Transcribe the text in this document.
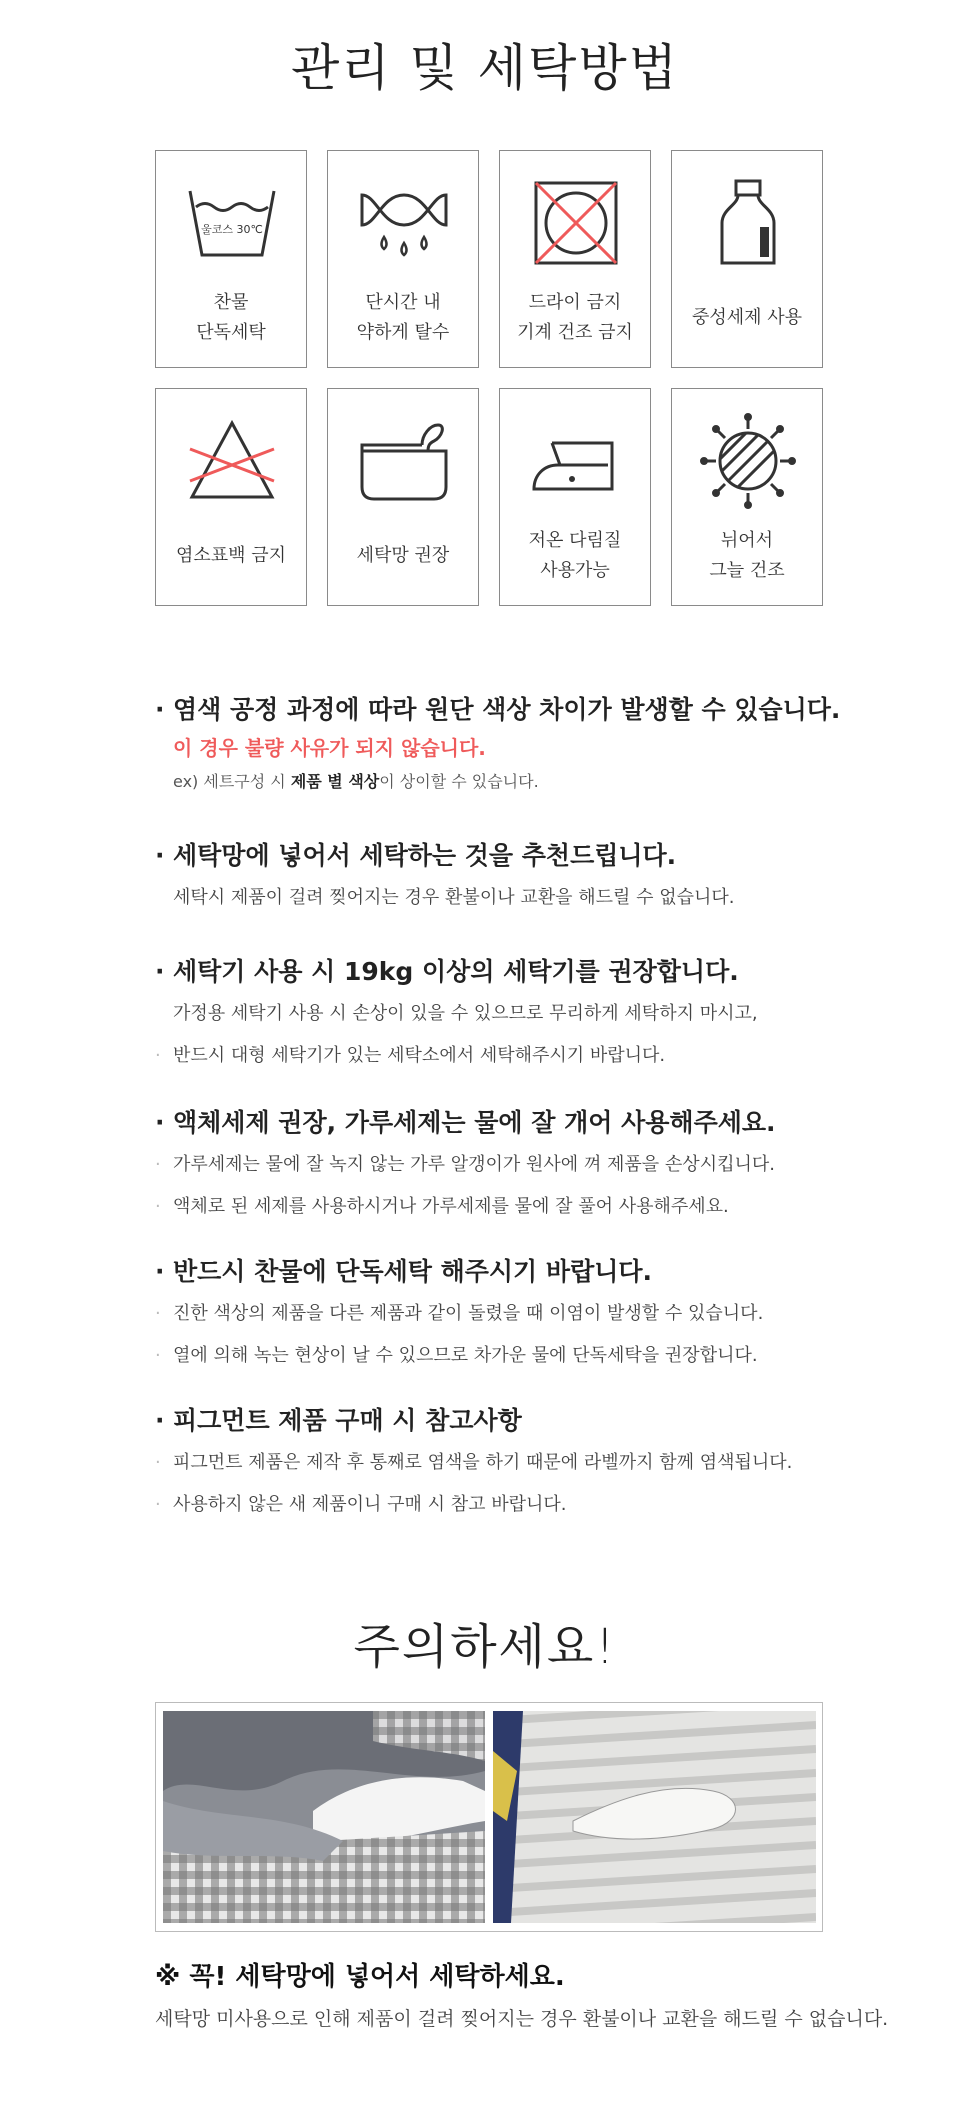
관리 및 세탁방법
울코스 30℃
찬물
단독세탁
단시간 내
약하게 탈수
드라이 금지
기계 건조 금지
중성세제 사용
염소표백 금지	세탁망 권장
저온 다림질
사용가능
뉘어서
그늘 건조
· 염색 공정 과정에 따라 원단 색상 차이가 발생할 수 있습니다.
이 경우 불량 사유가 되지 않습니다.
ex) 세트구성 시 제품 별 색상이 상이할 수 있습니다.
· 세탁망에 넣어서 세탁하는 것을 추천드립니다.
세탁시 제품이 걸려 찢어지는 경우 환불이나 교환을 해드릴 수 없습니다.
· 세탁기 사용 시 19kg 이상의 세탁기를 권장합니다.
가정용 세탁기 사용 시 손상이 있을 수 있으므로 무리하게 세탁하지 마시고,
· 반드시 대형 세탁기가 있는 세탁소에서 세탁해주시기 바랍니다.
· 액체세제 권장, 가루세제는 물에 잘 개어 사용해주세요.
· 가루세제는 물에 잘 녹지 않는 가루 알갱이가 원사에 껴 제품을 손상시킵니다.
· 액체로 된 세제를 사용하시거나 가루세제를 물에 잘 풀어 사용해주세요.
· 반드시 찬물에 단독세탁 해주시기 바랍니다.
· 진한 색상의 제품을 다른 제품과 같이 돌렸을 때 이염이 발생할 수 있습니다.
· 열에 의해 녹는 현상이 날 수 있으므로 차가운 물에 단독세탁을 권장합니다.
· 피그먼트 제품 구매 시 참고사항
· 피그먼트 제품은 제작 후 통째로 염색을 하기 때문에 라벨까지 함께 염색됩니다.
· 사용하지 않은 새 제품이니 구매 시 참고 바랍니다.
주의하세요!
※ 꼭! 세탁망에 넣어서 세탁하세요.
세탁망 미사용으로 인해 제품이 걸려 찢어지는 경우 환불이나 교환을 해드릴 수 없습니다.
